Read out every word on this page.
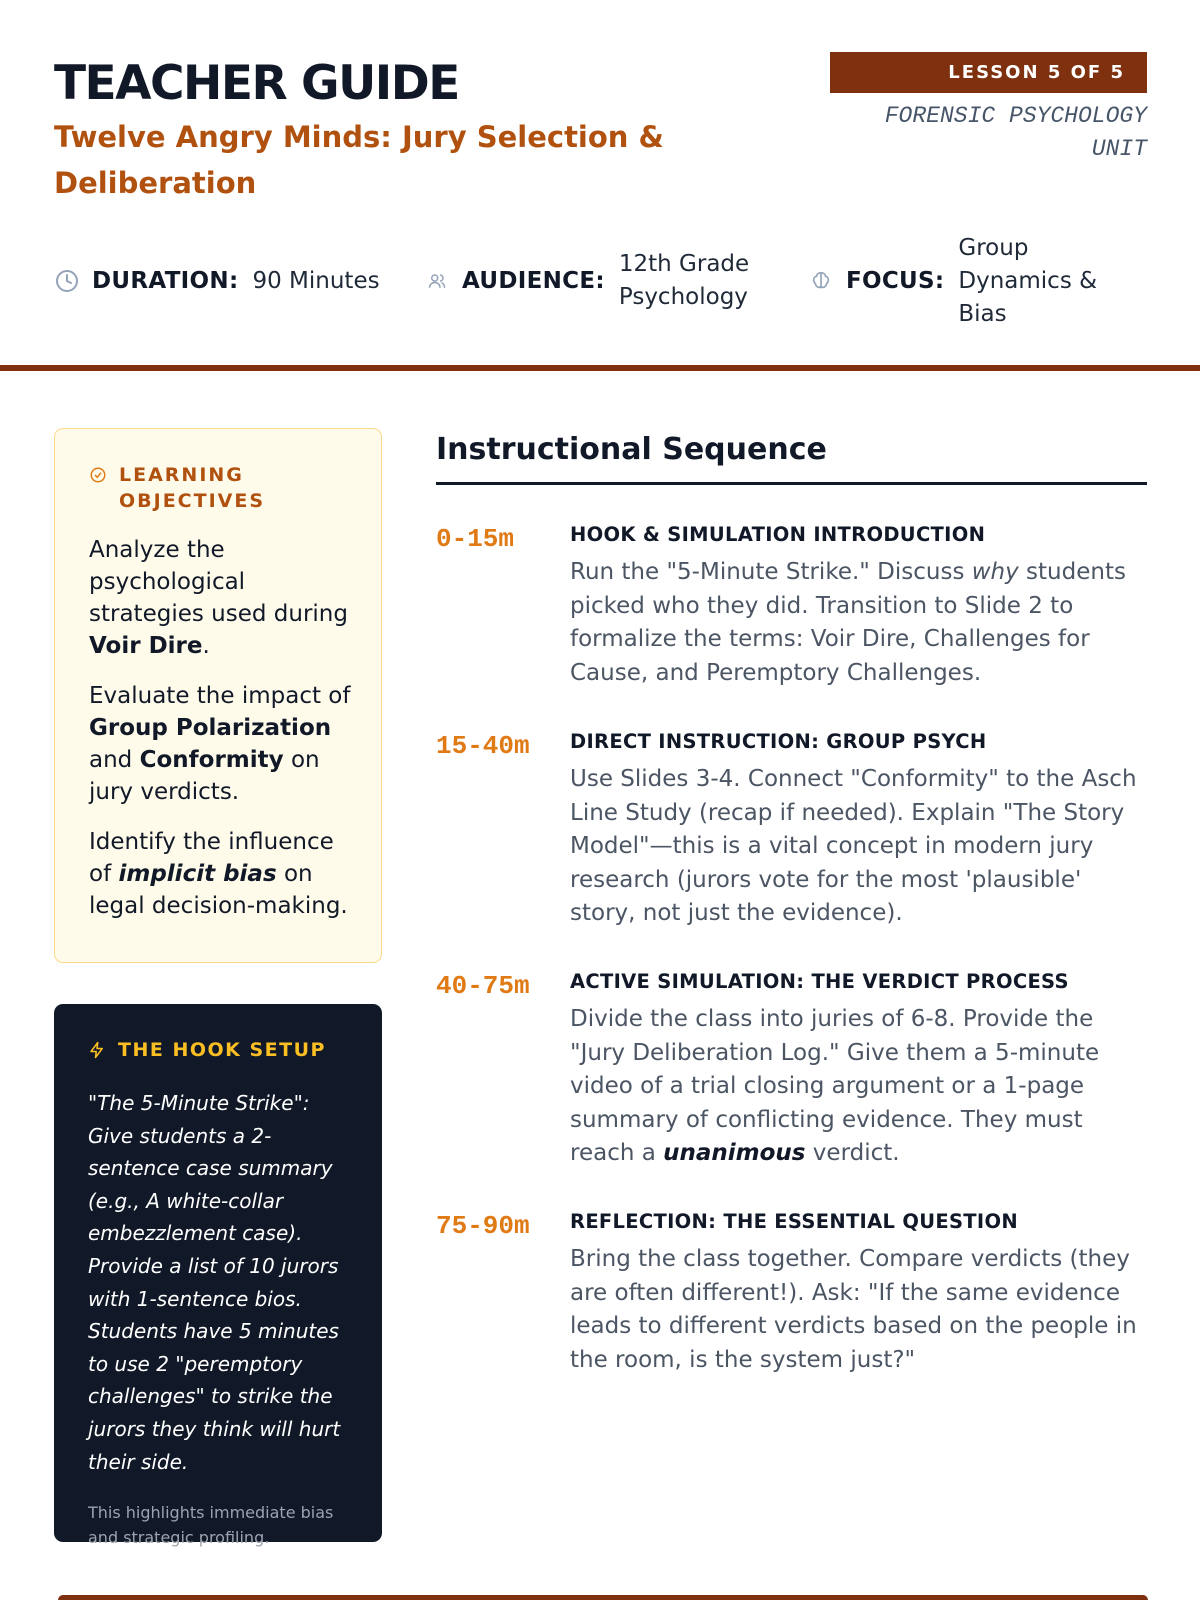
TEACHER GUIDE
Twelve Angry Minds: Jury Selection & Deliberation
LESSON 5 OF 5
FORENSIC PSYCHOLOGY UNIT
DURATION: 90 Minutes	AUDIENCE:
12th Grade Psychology
FOCUS:
Group Dynamics & Bias
LEARNING OBJECTIVES

Analyze the psychological strategies used during Voir Dire.

Evaluate the impact of Group Polarization and Conformity on jury verdicts.

Identify the influence of implicit bias on legal decision-making.

THE HOOK SETUP

"The 5-Minute Strike": Give students a 2-sentence case summary (e.g., A white-collar embezzlement case). Provide a list of 10 jurors with 1-sentence bios. Students have 5 minutes to use 2 "peremptory challenges" to strike the jurors they think will hurt their side.

This highlights immediate bias and strategic profiling.

Instructional Sequence
0-15m	HOOK & SIMULATION INTRODUCTION

Run the "5-Minute Strike." Discuss why students picked who they did. Transition to Slide 2 to formalize the terms: Voir Dire, Challenges for Cause, and Peremptory Challenges.

15-40m DIRECT INSTRUCTION: GROUP PSYCH

Use Slides 3-4. Connect "Conformity" to the Asch Line Study (recap if needed). Explain "The Story Model"—this is a vital concept in modern jury research (jurors vote for the most 'plausible' story, not just the evidence).

40-75m ACTIVE SIMULATION: THE VERDICT PROCESS

Divide the class into juries of 6-8. Provide the "Jury Deliberation Log." Give them a 5-minute video of a trial closing argument or a 1-page summary of conflicting evidence. They must reach a unanimous verdict.

75-90m REFLECTION: THE ESSENTIAL QUESTION

Bring the class together. Compare verdicts (they are often different!). Ask: "If the same evidence leads to different verdicts based on the people in the room, is the system just?"
